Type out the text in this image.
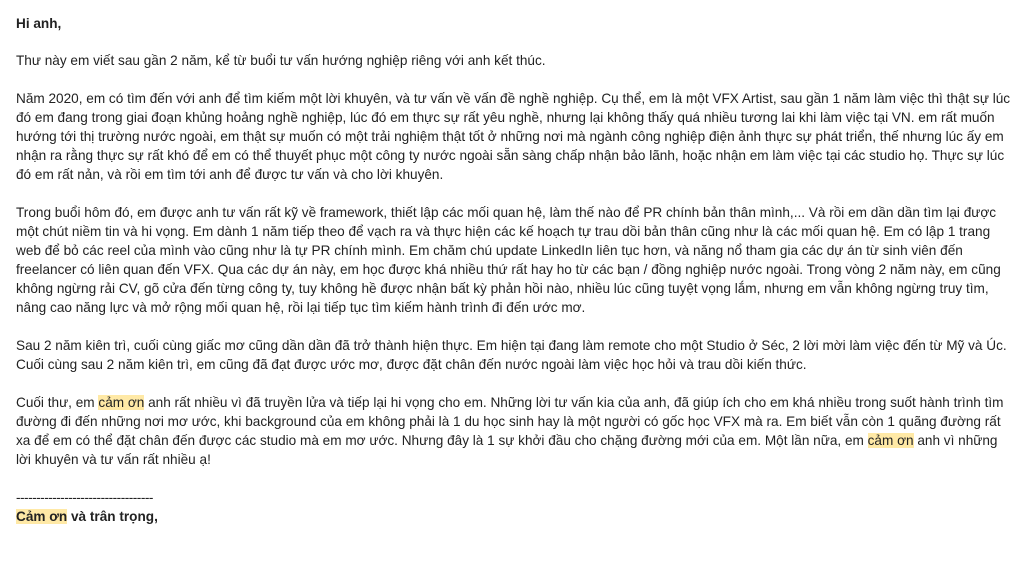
Hi anh,

Thư này em viết sau gần 2 năm, kể từ buổi tư vấn hướng nghiệp riêng với anh kết thúc.

Năm 2020, em có tìm đến với anh để tìm kiếm một lời khuyên, và tư vấn về vấn đề nghề nghiệp. Cụ thể, em là một VFX Artist, sau gần 1 năm làm việc thì thật sự lúc đó em đang trong giai đoạn khủng hoảng nghề nghiệp, lúc đó em thực sự rất yêu nghề, nhưng lại không thấy quá nhiều tương lai khi làm việc tại VN. em rất muốn hướng tới thị trường nước ngoài, em thật sự muốn có một trải nghiệm thật tốt ở những nơi mà ngành công nghiệp điện ảnh thực sự phát triển, thế nhưng lúc ấy em nhận ra rằng thực sự rất khó để em có thể thuyết phục một công ty nước ngoài sẵn sàng chấp nhận bảo lãnh, hoặc nhận em làm việc tại các studio họ. Thực sự lúc đó em rất nản, và rồi em tìm tới anh để được tư vấn và cho lời khuyên.

Trong buổi hôm đó, em được anh tư vấn rất kỹ về framework, thiết lập các mối quan hệ, làm thế nào để PR chính bản thân mình,... Và rồi em dần dần tìm lại được một chút niềm tin và hi vọng. Em dành 1 năm tiếp theo để vạch ra và thực hiện các kế hoạch tự trau dồi bản thân cũng như là các mối quan hệ. Em có lập 1 trang web để bỏ các reel của mình vào cũng như là tự PR chính mình. Em chăm chú update LinkedIn liên tục hơn, và năng nổ tham gia các dự án từ sinh viên đến freelancer có liên quan đến VFX. Qua các dự án này, em học được khá nhiều thứ rất hay ho từ các bạn / đồng nghiệp nước ngoài. Trong vòng 2 năm này, em cũng không ngừng rải CV, gõ cửa đến từng công ty, tuy không hề được nhận bất kỳ phản hồi nào, nhiều lúc cũng tuyệt vọng lắm, nhưng em vẫn không ngừng truy tìm, nâng cao năng lực và mở rộng mối quan hệ, rồi lại tiếp tục tìm kiếm hành trình đi đến ước mơ.

Sau 2 năm kiên trì, cuối cùng giấc mơ cũng dần dần đã trở thành hiện thực. Em hiện tại đang làm remote cho một Studio ở Séc, 2 lời mời làm việc đến từ Mỹ và Úc. Cuối cùng sau 2 năm kiên trì, em cũng đã đạt được ước mơ, được đặt chân đến nước ngoài làm việc học hỏi và trau dồi kiến thức.

Cuối thư, em cảm ơn anh rất nhiều vì đã truyền lửa và tiếp lại hi vọng cho em. Những lời tư vấn kia của anh, đã giúp ích cho em khá nhiều trong suốt hành trình tìm đường đi đến những nơi mơ ước, khi background của em không phải là 1 du học sinh hay là một người có gốc học VFX mà ra. Em biết vẫn còn 1 quãng đường rất xa để em có thể đặt chân đến được các studio mà em mơ ước. Nhưng đây là 1 sự khởi đầu cho chặng đường mới của em. Một lần nữa, em cảm ơn anh vì những lời khuyên và tư vấn rất nhiều ạ!

----------------------------------

Cảm ơn và trân trọng,
